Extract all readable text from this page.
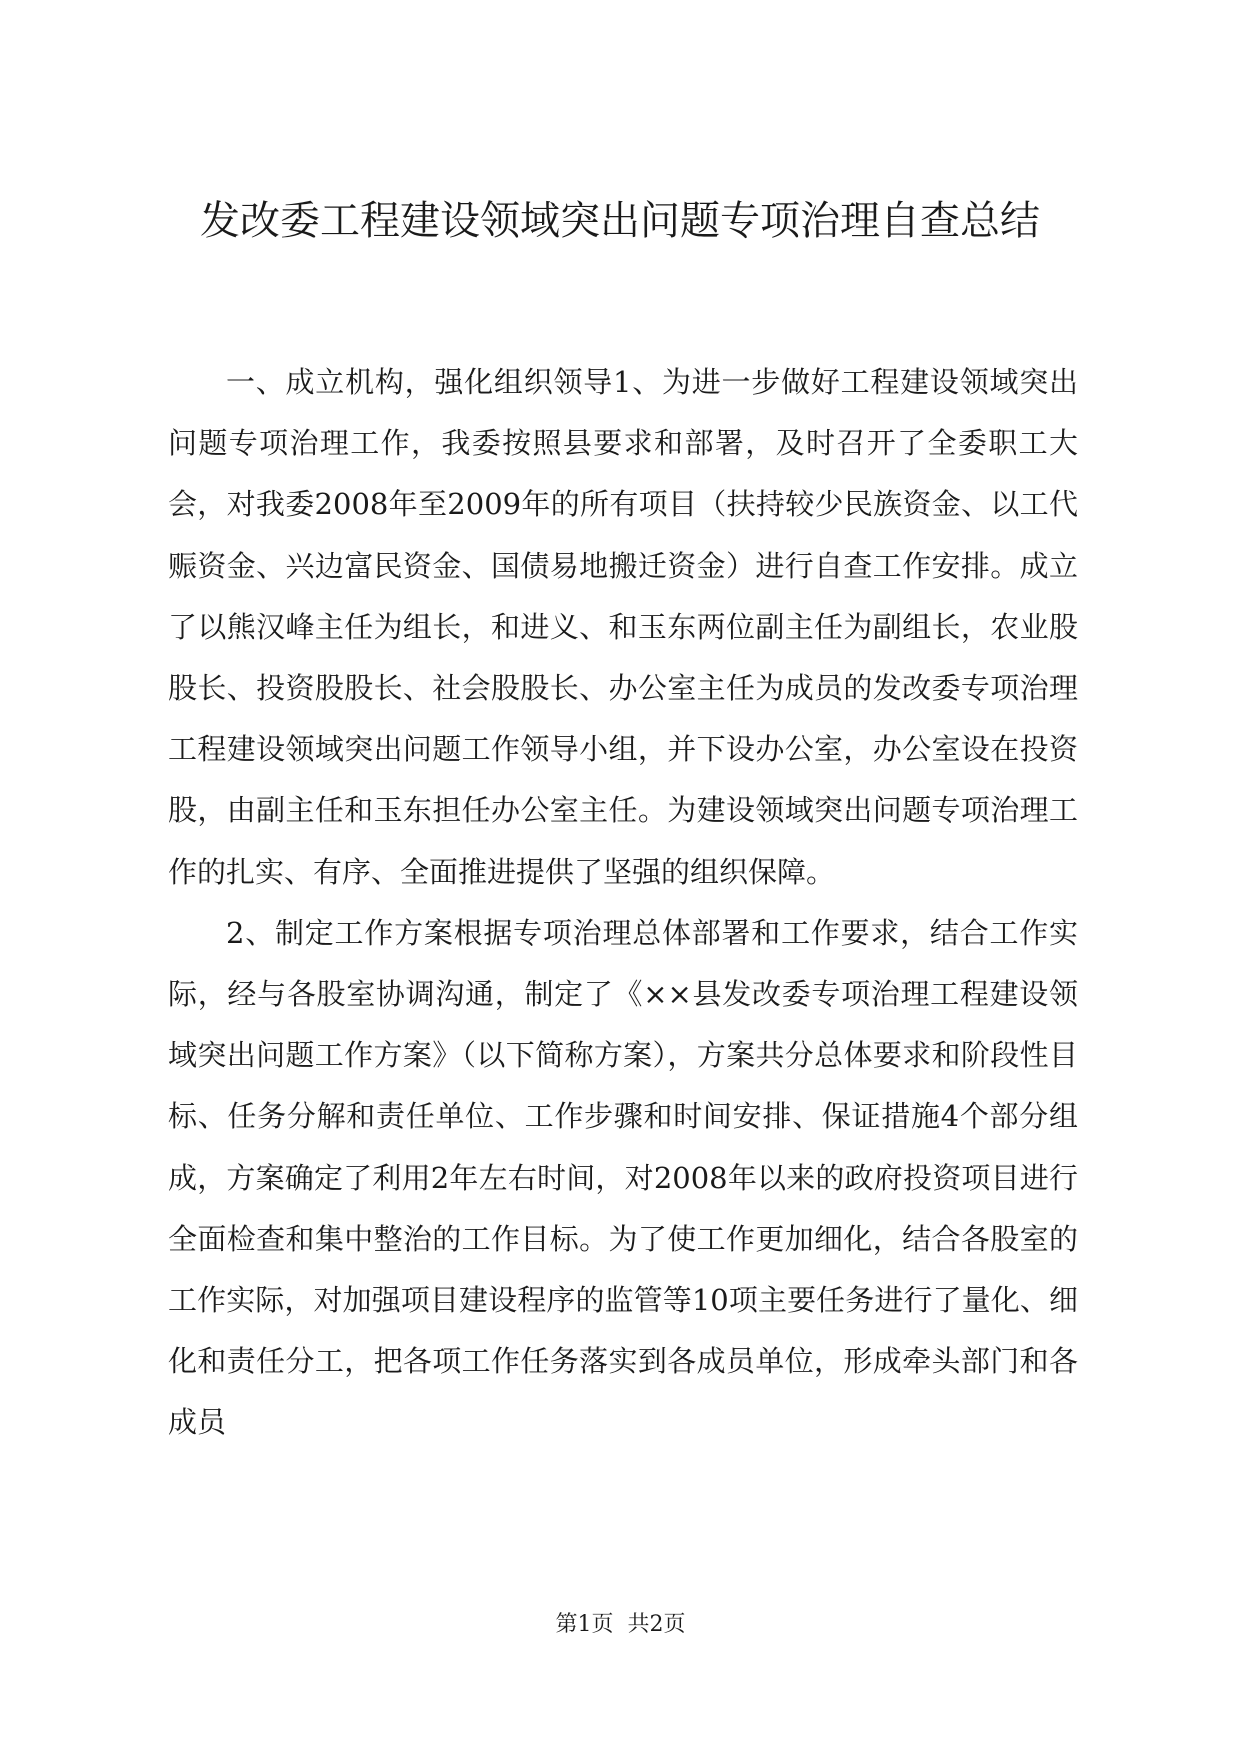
发改委工程建设领域突出问题专项治理自查总结

一、成立机构，强化组织领导1、为进一步做好工程建设领域突出问题专项治理工作，我委按照县要求和部署，及时召开了全委职工大会，对我委2008年至2009年的所有项目（扶持较少民族资金、以工代赈资金、兴边富民资金、国债易地搬迁资金）进行自查工作安排。成立了以熊汉峰主任为组长，和进义、和玉东两位副主任为副组长，农业股股长、投资股股长、社会股股长、办公室主任为成员的发改委专项治理工程建设领域突出问题工作领导小组，并下设办公室，办公室设在投资股，由副主任和玉东担任办公室主任。为建设领域突出问题专项治理工作的扎实、有序、全面推进提供了坚强的组织保障。

2、制定工作方案根据专项治理总体部署和工作要求，结合工作实际，经与各股室协调沟通，制定了《××县发改委专项治理工程建设领域突出问题工作方案》（以下简称方案），方案共分总体要求和阶段性目标、任务分解和责任单位、工作步骤和时间安排、保证措施4个部分组成，方案确定了利用2年左右时间，对2008年以来的政府投资项目进行全面检查和集中整治的工作目标。为了使工作更加细化，结合各股室的工作实际，对加强项目建设程序的监管等10项主要任务进行了量化、细化和责任分工，把各项工作任务落实到各成员单位，形成牵头部门和各成员

第1页 共2页
